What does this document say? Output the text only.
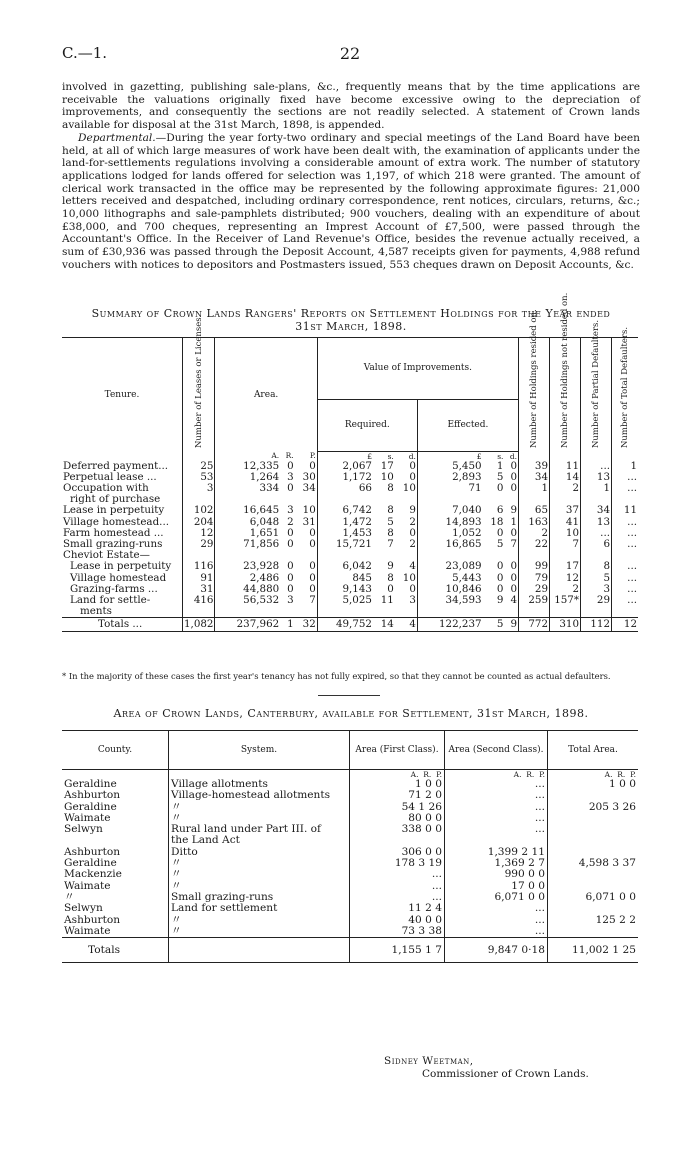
C.—1.	22

involved in gazetting, publishing sale-plans, &c., frequently means that by the time applications are receivable the valuations originally fixed have become excessive owing to the depreciation of improvements, and consequently the sections are not readily selected. A statement of Crown lands available for disposal at the 31st March, 1898, is appended.

Departmental.—During the year forty-two ordinary and special meetings of the Land Board have been held, at all of which large measures of work have been dealt with, the examination of applicants under the land-for-settlements regulations involving a considerable amount of extra work. The number of statutory applications lodged for lands offered for selection was 1,197, of which 218 were granted. The amount of clerical work transacted in the office may be represented by the following approximate figures: 21,000 letters received and despatched, including ordinary correspondence, rent notices, circulars, returns, &c.; 10,000 lithographs and sale-pamphlets distributed; 900 vouchers, dealing with an expenditure of about £38,000, and 700 cheques, representing an Imprest Account of £7,500, were passed through the Accountant's Office. In the Receiver of Land Revenue's Office, besides the revenue actually received, a sum of £30,936 was passed through the Deposit Account, 4,587 receipts given for payments, 4,988 refund vouchers with notices to depositors and Postmasters issued, 553 cheques drawn on Deposit Accounts, &c.

Summary of Crown Lands Rangers' Reports on Settlement Holdings for the Year ended
31st March, 1898.
Tenure.	Number of Leases or Licenses.	Area.			Value of Improvements.						Number of Holdings resided on.	Number of Holdings not resided on.	Number of Partial Defaulters.	Number of Total Defaulters.
					Required.			Effected.						
		A.	R.	P.	£	s.	d.	£	s.	d.				
Deferred payment...	25	12,335	0	0	2,067	17	0	5,450	1	0	39	11	...	1
Perpetual lease ...	53	1,264	3	30	1,172	10	0	2,893	5	0	34	14	13	...
Occupation with	3	334	0	34	66	8	10	71	0	0	1	2	1	...
right of purchase														
Lease in perpetuity	102	16,645	3	10	6,742	8	9	7,040	6	9	65	37	34	11
Village homestead...	204	6,048	2	31	1,472	5	2	14,893	18	1	163	41	13	...
Farm homestead ...	12	1,651	0	0	1,453	8	0	1,052	0	0	2	10	...	...
Small grazing-runs	29	71,856	0	0	15,721	7	2	16,865	5	7	22	7	6	...
Cheviot Estate—														
Lease in perpetuity	116	23,928	0	0	6,042	9	4	23,089	0	0	99	17	8	...
Village homestead	91	2,486	0	0	845	8	10	5,443	0	0	79	12	5	...
Grazing-farms ...	31	44,880	0	0	9,143	0	0	10,846	0	0	29	2	3	...
Land for settle-	416	56,532	3	7	5,025	11	3	34,593	9	4	259	157*	29	...
ments														
Totals ...	1,082	237,962	1	32	49,752	14	4	122,237	5	9	772	310	112	12
* In the majority of these cases the first year's tenancy has not fully expired, so that they cannot be counted as actual defaulters.
Area of Crown Lands, Canterbury, available for Settlement, 31st March, 1898.
County.	System.	Area (First Class).	Area (Second Class).	Total Area.
		A. R. P.	A. R. P.	A. R. P.
Geraldine	Village allotments	1 0 0	...	1 0 0
Ashburton	Village-homestead allotments	71 2 0	...	
Geraldine	〃	54 1 26	...	205 3 26
Waimate	〃	80 0 0	...	
Selwyn	Rural land under Part III. of	338 0 0	...	
	the Land Act			
Ashburton	Ditto	306 0 0	1,399 2 11	
Geraldine	〃	178 3 19	1,369 2 7	4,598 3 37
Mackenzie	〃	...	990 0 0	
Waimate	〃	...	17 0 0	
〃	Small grazing-runs	...	6,071 0 0	6,071 0 0
Selwyn	Land for settlement	11 2 4	...	
Ashburton	〃	40 0 0	...	125 2 2
Waimate	〃	73 3 38	...	
Totals		1,155 1 7	9,847 0·18	11,002 1 25
Sidney Weetman,
Commissioner of Crown Lands.
